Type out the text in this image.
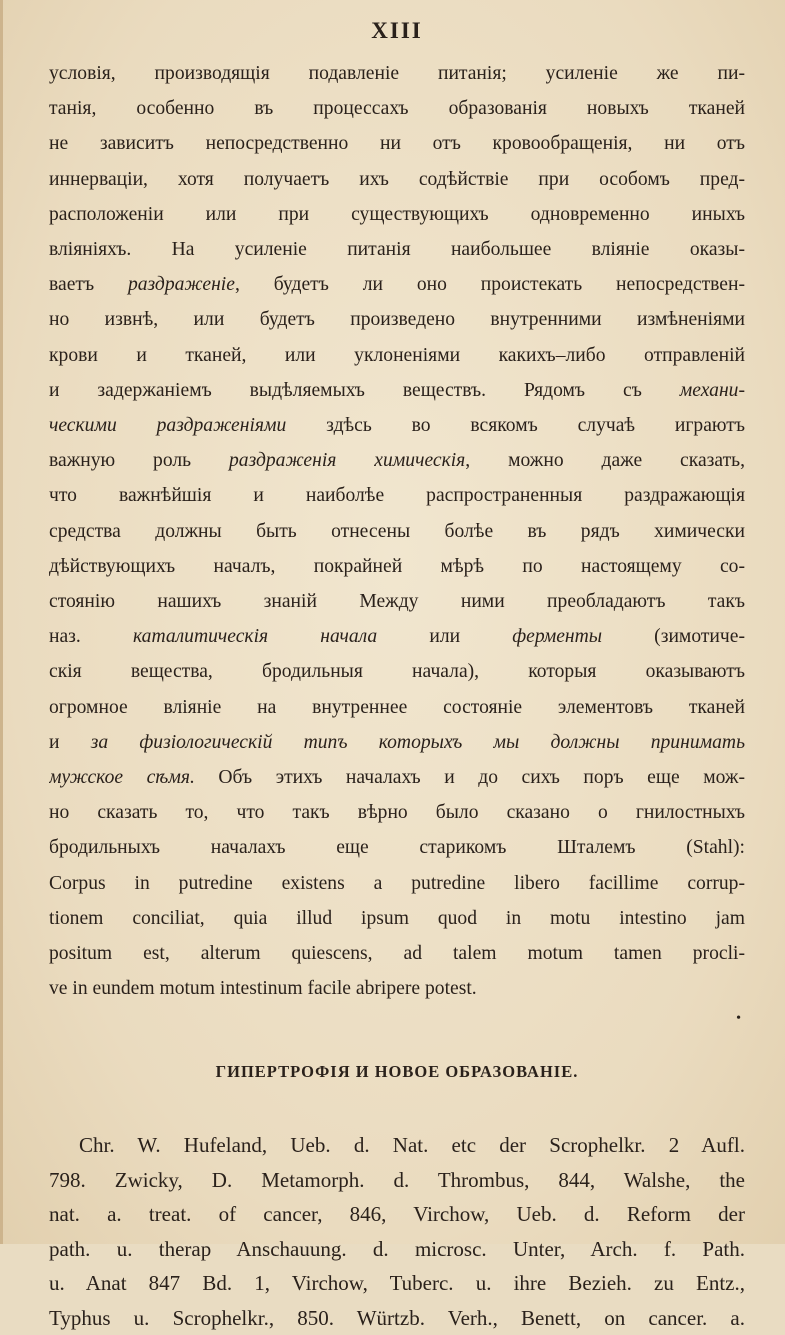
XIII

условія, производящія подавленіе питанія; усиленіе же пи-

танія, особенно въ процессахъ образованія новыхъ тканей

не зависитъ непосредственно ни отъ кровообращенія, ни отъ

иннерваціи, хотя получаетъ ихъ содѣйствіе при особомъ пред-

расположеніи или при существующихъ одновременно иныхъ

вліяніяхъ. На усиленіе питанія наибольшее вліяніе оказы-

ваетъ раздраженіе, будетъ ли оно проистекать непосредствен-

но извнѣ, или будетъ произведено внутренними измѣненіями

крови и тканей, или уклоненіями какихъ–либо отправленій

и задержаніемъ выдѣляемыхъ веществъ. Рядомъ съ механи-

ческими раздраженіями здѣсь во всякомъ случаѣ играютъ

важную роль раздраженія химическія, можно даже сказать,

что важнѣйшія и наиболѣе распространенныя раздражающія

средства должны быть отнесены болѣе въ рядъ химически

дѣйствующихъ началъ, покрайней мѣрѣ по настоящему со-

стоянію нашихъ знаній Между ними преобладаютъ такъ

наз. каталитическія начала или ферменты (зимотиче-

скія вещества, бродильныя начала), которыя оказываютъ

огромное вліяніе на внутреннее состояніе элементовъ тканей

и за физіологическій типъ которыхъ мы должны принимать

мужское сѣмя. Объ этихъ началахъ и до сихъ поръ еще мож-

но сказать то, что такъ вѣрно было сказано о гнилостныхъ

бродильныхъ началахъ еще старикомъ Шталемъ (Stahl):

Corpus in putredine existens a putredine libero facillime corrup-

tionem conciliat, quia illud ipsum quod in motu intestino jam

positum est, alterum quiescens, ad talem motum tamen procli-

ve in eundem motum intestinum facile abripere potest.

•
ГИПЕРТРОФІЯ И НОВОЕ ОБРАЗОВАНІЕ.

Chr. W. Hufeland, Ueb. d. Nat. etc der Scrophelkr. 2 Aufl.

798. Zwicky, D. Metamorph. d. Thrombus, 844, Walshe, the

nat. a. treat. of cancer, 846, Virchow, Ueb. d. Reform der

path. u. therap Anschauung. d. microsc. Unter, Arch. f. Path.

u. Anat 847 Bd. 1, Virchow, Tuberc. u. ihre Bezieh. zu Entz.,

Typhus u. Scrophelkr., 850. Würtzb. Verh., Benett, on cancer. a.
